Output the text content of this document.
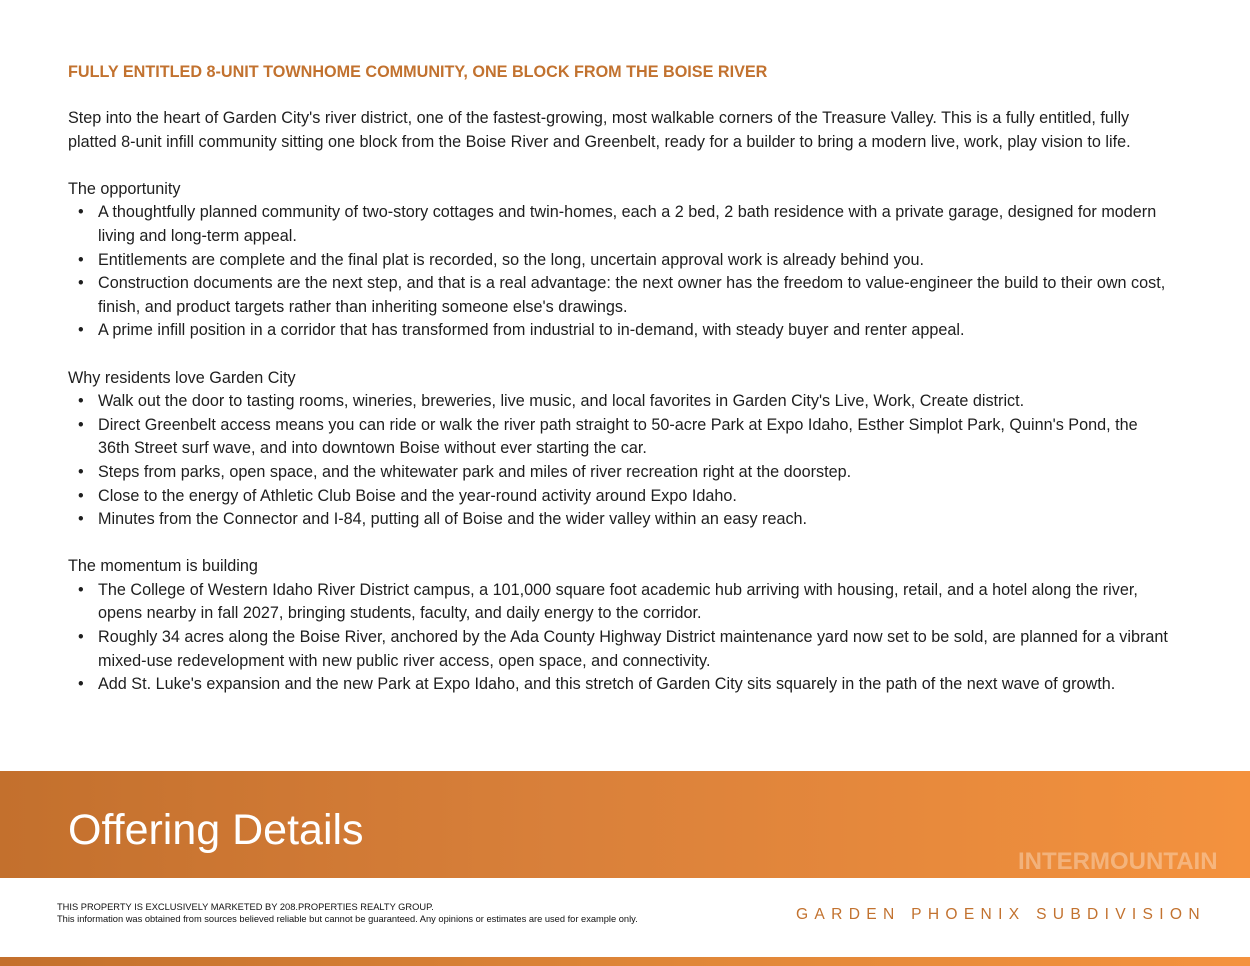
FULLY ENTITLED 8-UNIT TOWNHOME COMMUNITY, ONE BLOCK FROM THE BOISE RIVER

Step into the heart of Garden City's river district, one of the fastest-growing, most walkable corners of the Treasure Valley. This is a fully entitled, fully platted 8-unit infill community sitting one block from the Boise River and Greenbelt, ready for a builder to bring a modern live, work, play vision to life.

The opportunity
• A thoughtfully planned community of two-story cottages and twin-homes, each a 2 bed, 2 bath residence with a private garage, designed for modern living and long-term appeal.
• Entitlements are complete and the final plat is recorded, so the long, uncertain approval work is already behind you.
• Construction documents are the next step, and that is a real advantage: the next owner has the freedom to value-engineer the build to their own cost, finish, and product targets rather than inheriting someone else's drawings.
• A prime infill position in a corridor that has transformed from industrial to in-demand, with steady buyer and renter appeal.
Why residents love Garden City
• Walk out the door to tasting rooms, wineries, breweries, live music, and local favorites in Garden City's Live, Work, Create district.
• Direct Greenbelt access means you can ride or walk the river path straight to 50-acre Park at Expo Idaho, Esther Simplot Park, Quinn's Pond, the 36th Street surf wave, and into downtown Boise without ever starting the car.
• Steps from parks, open space, and the whitewater park and miles of river recreation right at the doorstep.
• Close to the energy of Athletic Club Boise and the year-round activity around Expo Idaho.
• Minutes from the Connector and I-84, putting all of Boise and the wider valley within an easy reach.
The momentum is building
• The College of Western Idaho River District campus, a 101,000 square foot academic hub arriving with housing, retail, and a hotel along the river, opens nearby in fall 2027, bringing students, faculty, and daily energy to the corridor.
• Roughly 34 acres along the Boise River, anchored by the Ada County Highway District maintenance yard now set to be sold, are planned for a vibrant mixed-use redevelopment with new public river access, open space, and connectivity.
• Add St. Luke's expansion and the new Park at Expo Idaho, and this stretch of Garden City sits squarely in the path of the next wave of growth.
Offering Details
INTERMOUNTAIN
THIS PROPERTY IS EXCLUSIVELY MARKETED BY 208.PROPERTIES REALTY GROUP.
This information was obtained from sources believed reliable but cannot be guaranteed. Any opinions or estimates are used for example only.	GARDEN PHOENIX SUBDIVISION
